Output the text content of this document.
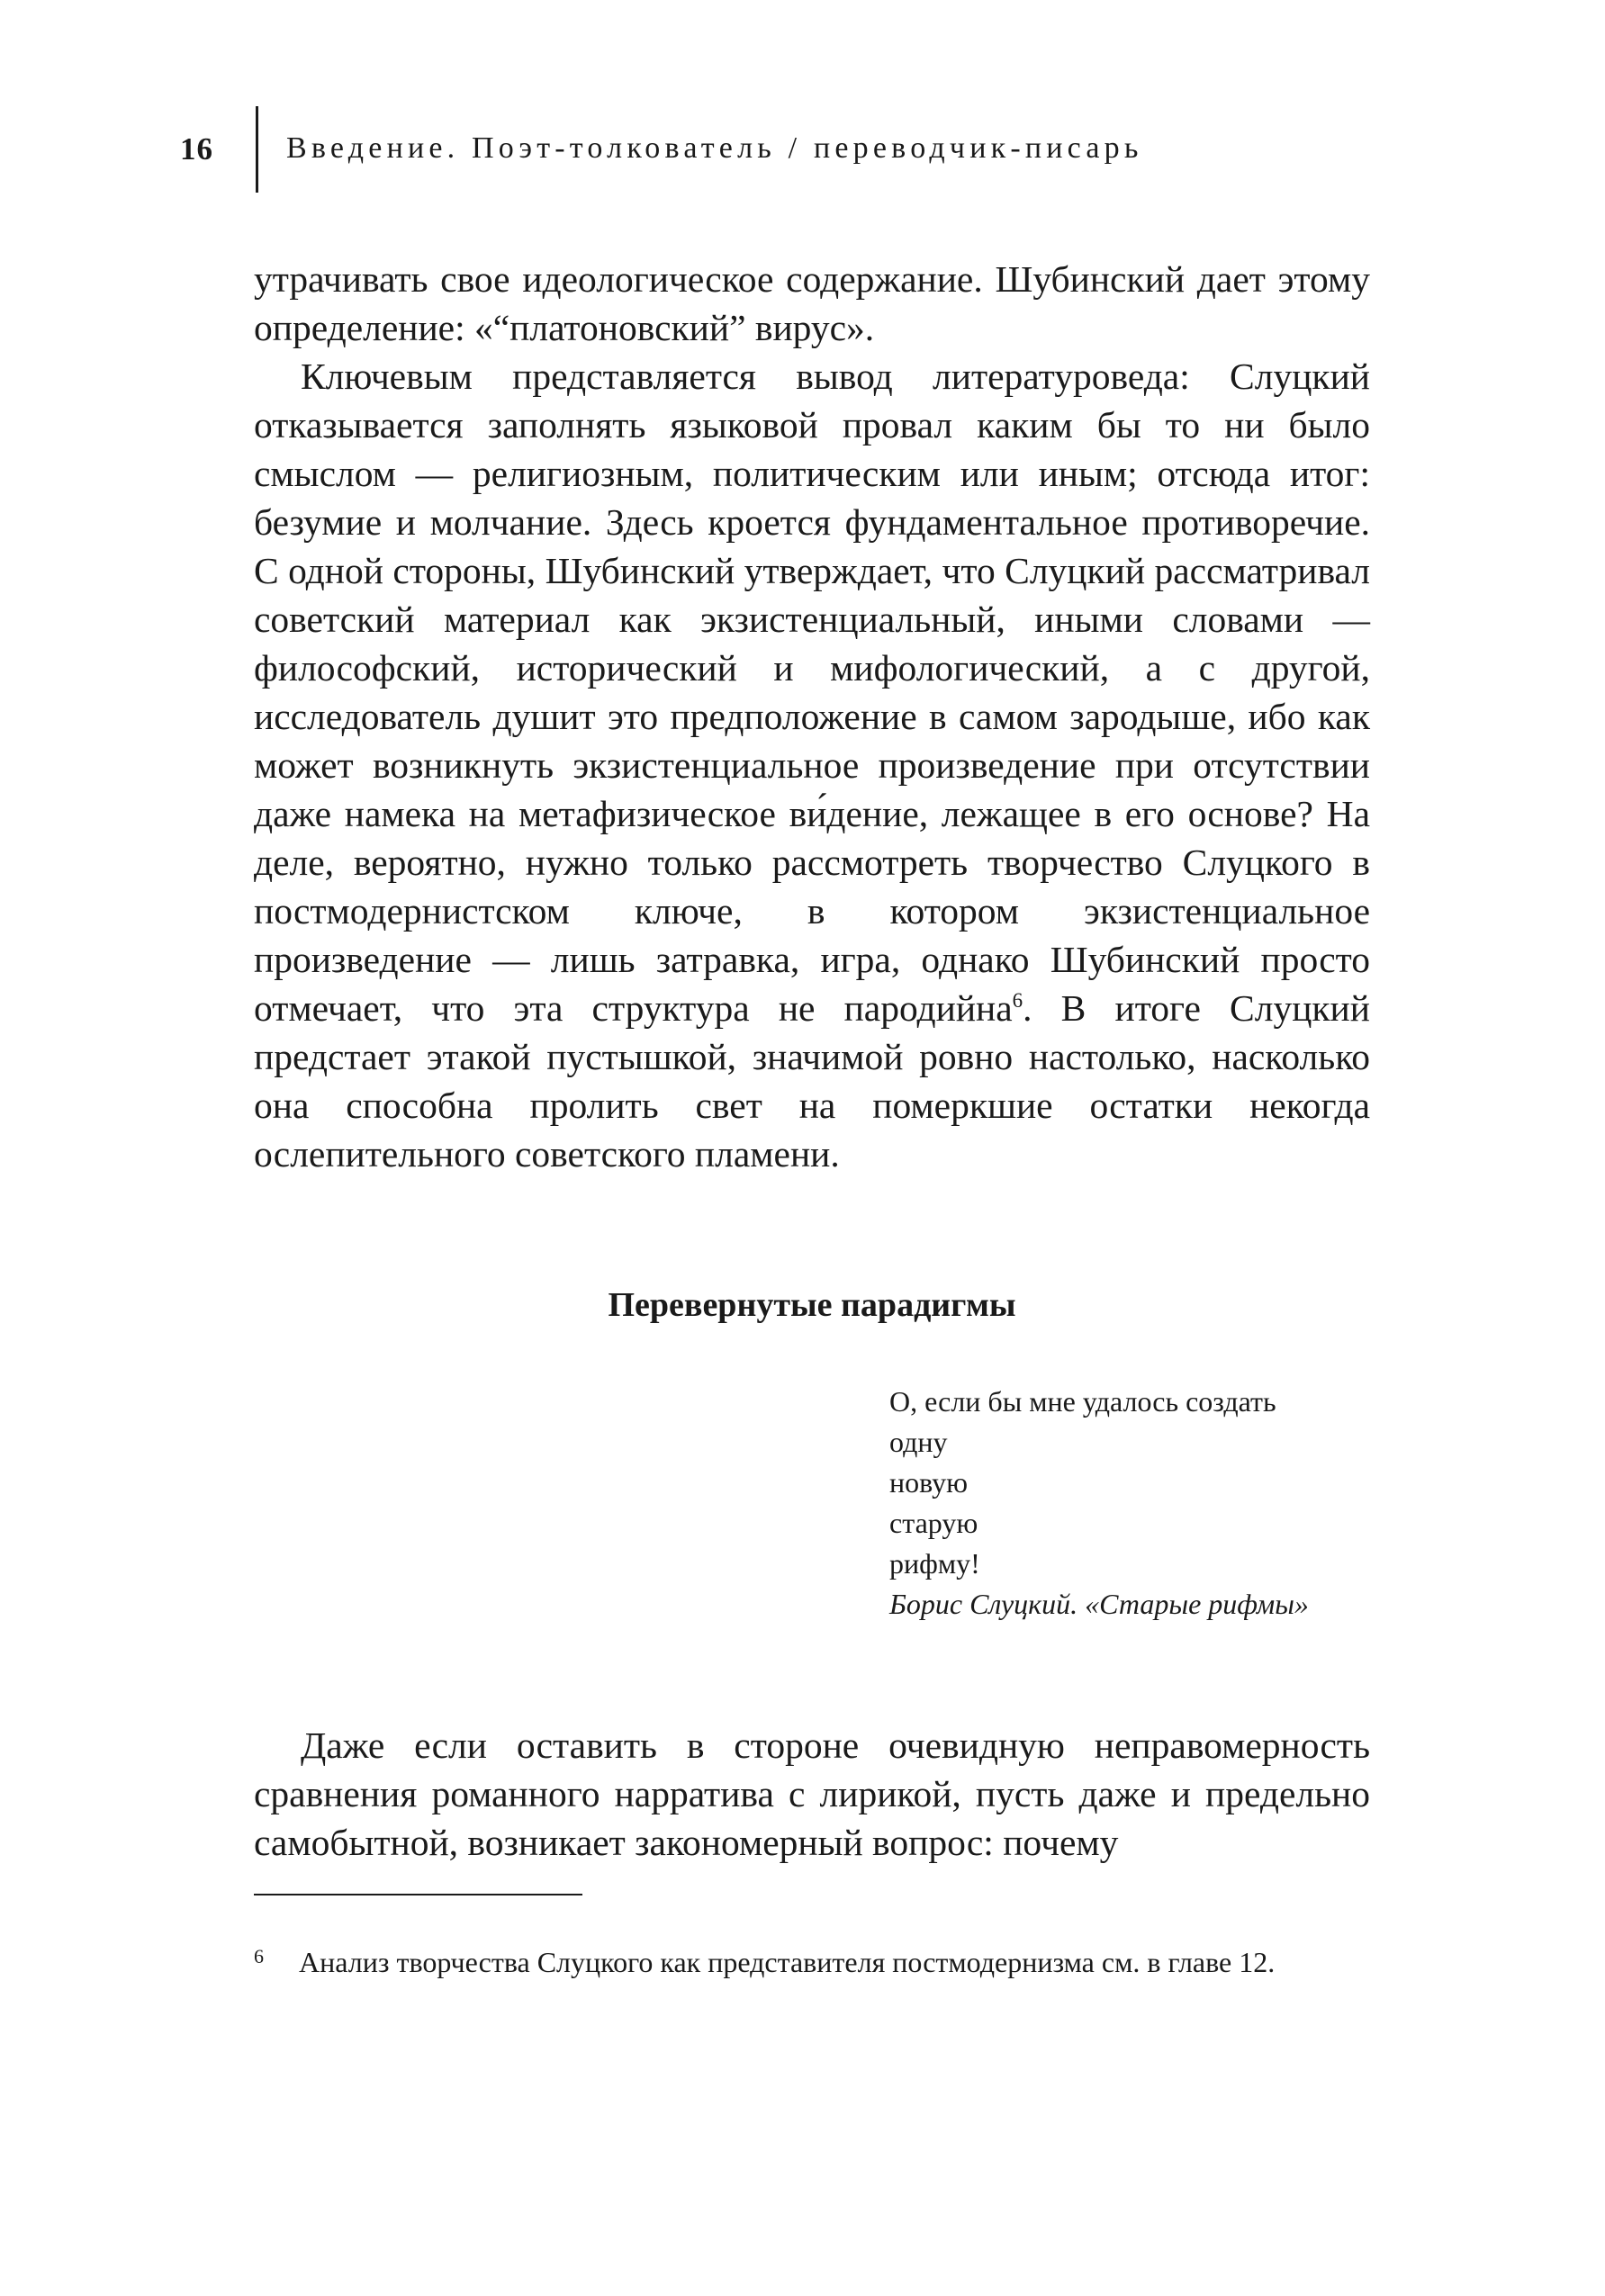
16 Введение. Поэт-толкователь / переводчик-писарь

утрачивать свое идеологическое содержание. Шубинский дает этому определение: «“платоновский” вирус».

Ключевым представляется вывод литературоведа: Слуцкий отказывается заполнять языковой провал каким бы то ни было смыслом — религиозным, политическим или иным; отсюда итог: безумие и молчание. Здесь кроется фундаментальное противоречие. С одной стороны, Шубинский утверждает, что Слуцкий рассматривал советский материал как экзистенциальный, иными словами — философский, исторический и мифологический, а с другой, исследователь душит это предположение в самом зародыше, ибо как может возникнуть экзистенциальное произведение при отсутствии даже намека на метафизическое ви́дение, лежащее в его основе? На деле, вероятно, нужно только рассмотреть творчество Слуцкого в постмодернистском ключе, в котором экзистенциальное произведение — лишь затравка, игра, однако Шубинский просто отмечает, что эта структура не пародийна$^6$. В итоге Слуцкий предстает этакой пустышкой, значимой ровно настолько, насколько она способна пролить свет на померкшие остатки некогда ослепительного советского пламени.

Перевернутые парадигмы
О, если бы мне удалось создать
одну
новую
старую
рифму!
Борис Слуцкий. «Старые рифмы»

Даже если оставить в стороне очевидную неправомерность сравнения романного нарратива с лирикой, пусть даже и предельно самобытной, возникает закономерный вопрос: почему

6 Анализ творчества Слуцкого как представителя постмодернизма см. в главе 12.
